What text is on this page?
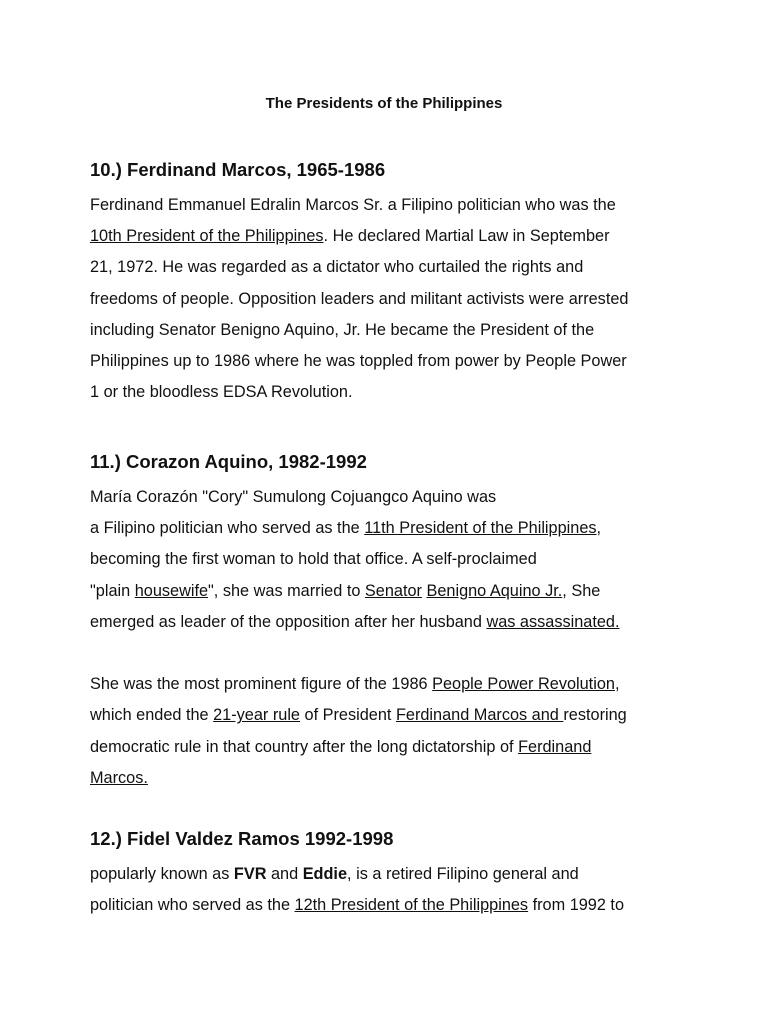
The Presidents of the Philippines
10.) Ferdinand Marcos, 1965-1986
Ferdinand Emmanuel Edralin Marcos Sr. a Filipino politician who was the
10th President of the Philippines. He declared Martial Law in September
21, 1972. He was regarded as a dictator who curtailed the rights and
freedoms of people. Opposition leaders and militant activists were arrested
including Senator Benigno Aquino, Jr. He became the President of the
Philippines up to 1986 where he was toppled from power by People Power
1 or the bloodless EDSA Revolution.
11.) Corazon Aquino, 1982-1992
María Corazón "Cory" Sumulong Cojuangco Aquino was
a Filipino politician who served as the 11th President of the Philippines,
becoming the first woman to hold that office. A self-proclaimed
"plain housewife", she was married to Senator Benigno Aquino Jr., She
emerged as leader of the opposition after her husband was assassinated.
She was the most prominent figure of the 1986 People Power Revolution,
which ended the 21-year rule of President Ferdinand Marcos and restoring
democratic rule in that country after the long dictatorship of Ferdinand
Marcos.
12.) Fidel Valdez Ramos 1992-1998
popularly known as FVR and Eddie, is a retired Filipino general and
politician who served as the 12th President of the Philippines from 1992 to
